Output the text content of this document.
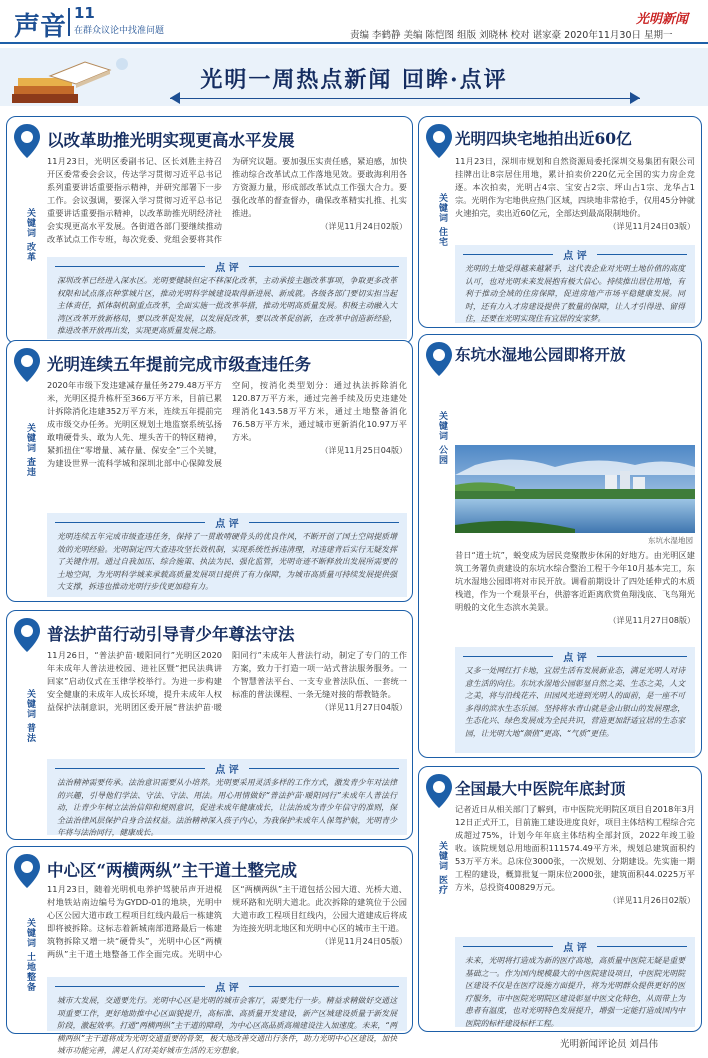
声音 11
在群众议论中找准问题	责编 李鹤静 美编 陈恺图 组版 刘晓林 校对 谌家豪 2020年11月30日 星期一
光明新闻
光明一周热点新闻 回眸·点评
以改革助推光明实现更高水平发展
11月23日，光明区委副书记、区长刘胜主持召开区委常委会会议，传达学习贯彻习近平总书记系列重要讲话重要指示精神，并研究部署下一步工作。会议强调，要深入学习贯彻习近平总书记重要讲话重要指示精神，以改革助推光明经济社会实现更高水平发展。各街道各部门要继续推动改革试点工作专班，每次党委、党组会要将其作为研究议题。要加强压实责任感，紧迫感，加快推动综合改革试点工作落地见效。要敢海利用各方资源力量，形成部改革试点工作强大合力。要强化改革的督查督办，确保改革精实扎推、扎实推进。
（详见11月24日02版）
点 评
深圳改革已经进入深水区。光明要健缺但定不移深化改革，主动承接主题改革事项，争取更多改革权限和试点落点种掌城片区，推动光明科学城建设取得新进展、新成就。各级各部门要切实担当起主体责任，抓体制机制重点改革，全面实施一批改革举措，推动光明高质量发展。积极主动融入大湾区改革开放新格局，要以改革促发展，以发展促改革，要以改革促创新，在改革中创造新经验，推进改革开放再出发，实现更高质量发展之路。
关键词 改革
光明四块宅地拍出近60亿
11月23日，深圳市规划和自然资源局委托深圳交易集团有限公司挂牌出让8宗居住用地，累计拍卖价220亿元全国的实力房企竞逐。本次拍卖，光明占4宗、宝安占2宗、坪山占1宗、龙华占1宗。光明作为宅地供应热门区域，四块地非常抢手，仅用45分钟就火速拍完，卖出近60亿元，全部达到最高限制地价。
（详见11月24日03版）
点 评
光明的土地受得越来越紧手，这代表企业对光明土地价值的高度认可，也对光明未来发展抱有极大信心。持续推出居住用地，有利于推动全域的住房保障，促进房地产市场平稳健康发展。同时，还有力入才房建设提供了数量的保障，让人才引得进、留得住，还要在光明实现住有宜居的安家梦。
关键词 住宅
光明连续五年提前完成市级查违任务
2020年市级下发违建减存量任务279.48万平方米，光明区提升栋杆至366万平方米，目前已累计拆除消化违建352万平方米，连续五年提前完成市级交办任务。光明区规划土地监察系统弘扬敢啃硬骨头、敢为人先、埋头苦干的特区精神，紧抓扭住“零增量、减存量、保安全”三个关键，为建设世界一流科学城和深圳北部中心保障发展空间，按消化类型划分：通过执法拆除消化120.87万平方米，通过完善手续及历史违建处理消化143.58万平方米，通过土地整备消化76.58万平方米，通过城市更新消化10.97万平方米。
（详见11月25日04版）
点 评
光明连续五年完成市级查违任务，保持了一贯敢啃硬骨头的优良作风，不断开创了国土空间提质增效的光明经验。光明制定四大查违攻坚长效机制，实现系统性拆违清理，对违建背后实行无疑发挥了关键作用。通过自我加压、综合施策、执法为民、强化监管，光明奇迹不断释放出发展所需要的土地空间，为光明科学城来承载高质量发展项目提供了有力保障，为城市高质量可持续发展提供强大支撑，拆违也推动光明行步伐更加稳有力。
关键词 查违
东坑水湿地公园即将开放
东坑水湿地园
昔日“道士坑”，蜕变成为居民竞聚散步休闲的好地方。由光明区建筑工务署负责建设的东坑水综合整治工程于今年10月基本完工，东坑水湿地公园即将对市民开放。调看前期设计了四处延伸式的木质栈道，作为一个观景平台，供游客近距离欣赏鱼翔浅底、飞鸟翔光明般的文化生态滨水美景。
（详见11月27日08版）
点 评
又多一处网红打卡地，宜居生活有发展新业态，满足光明人对诗意生活的向往。东坑水湿地公园彰显自然之美、生态之美，人文之美，将与沿线花卉、田园风光进到光明人的面前，是一座不可多得的滨水生态乐园。坚持将水青山就是金山银山的发展理念，生态化兴、绿色发展成为全民共识，营造更加舒适宜居的生态家园，让光明大地“颜值”更高、“气质”更佳。
关键词 公园
普法护苗行动引导青少年尊法守法
11月26日，“普法护苗·暖阳同行”光明区2020年未成年人普法进校园、进社区暨“把民法典讲回家”启动仪式在玉律学校举行。为进一步构建安全健康的未成年人成长环境，提升未成年人权益保护法制意识，光明团区委开展“普法护苗·暖阳同行”未成年人普法行动，制定了专门的工作方案，致力于打造一项一站式普法服务服务。一个智慧普法平台、一支专业普法队伍、一套统一标准的普法课程、一条无缝对接的帮教链条。
（详见11月27日04版）
点 评
法治精神需要传承。法治意识需要从小培养。光明要采用灵活多样的工作方式，激发青少年对法律的兴趣，引导他们学法、守法、守法、用法。用心用情做好“普法护苗·暖阳同行”未成年人普法行动，让青少年树立法治信仰和规则意识，促进未成年健康成长，让法治成为青少年信守的准则，保全法治律风层保护自身合法权益。法治精神深入孩子内心，为我保护未成年人保驾护航，光明青少年将与法治同行，健康成长。
关键词 普法
全国最大中医院年底封顶
记者近日从相关部门了解到，市中医院光明院区项目自2018年3月12日正式开工，目前施工建设进度良好，项目主体结构工程综合完成超过75%，计划今年年底主体结构全部封顶，2022年竣工验收。该院规划总用地面积111574.49平方米，规划总建筑面积约53万平方米。总床位3000张，一次规划、分期建设。先实施一期工程的建设，概算批复一期床位2000张，建筑面积44.0225万平方米，总投资400829万元。
（详见11月26日02版）
点 评
未来，光明将打造成为新的医疗高地，高质量中医院无疑是重要基础之一。作为国内规模最大的中医院建设项目，中医院光明院区建设不仅是在医疗设施方面提升，将为光明群众提供更好的医疗服务，市中医院光明院区建设彰显中医文化特色，从而带上为患者有温度，也对光明特色发展提升，增强一定能打造成国内中医院的标杆建设标杆工程。
关键词 医疗
中心区“两横两纵”主干道土整完成
11月23日，随着光明机电养护驾驶吊声开进棍村地铁站南边编号为GYDD-01的地块，光明中心区公园大道市政工程项目红线内最后一栋建筑即将被拆除。这标志着新城南部道路最后一栋建筑物拆除又增一块“硬骨头”，光明中心区“两横两纵”主干道土地整备工作全面完成。光明中心区“两横两纵”主干道包括公园大道、光桥大道、规环路和光明大道北。此次拆除的建筑位于公园大道市政工程项目红线内，公园大道建成后将成为连接光明北地区和光明中心区的城市主干道。
（详见11月24日05版）
点 评
城市大发展，交通要先行。光明中心区是光明的城市会客厅，需要先行一步。精益求精做好交通这项重要工作，更好地助推中心区面貌提升，高标准、高质量开发建设，新产区城建设质量于新发展阶段，激起效率。打通“两横两纵”主干道的障碍，为中心区高品质高端建设注入加速度。未来，“两横两纵”主干道将成为光明交通重要的骨架，极大地改善交通出行条件，助力光明中心区建设，加快城市功能完善，满足人们对美好城市生活的无穷想象。
关键词 土地整备
光明新闻评论员 刘昌伟
